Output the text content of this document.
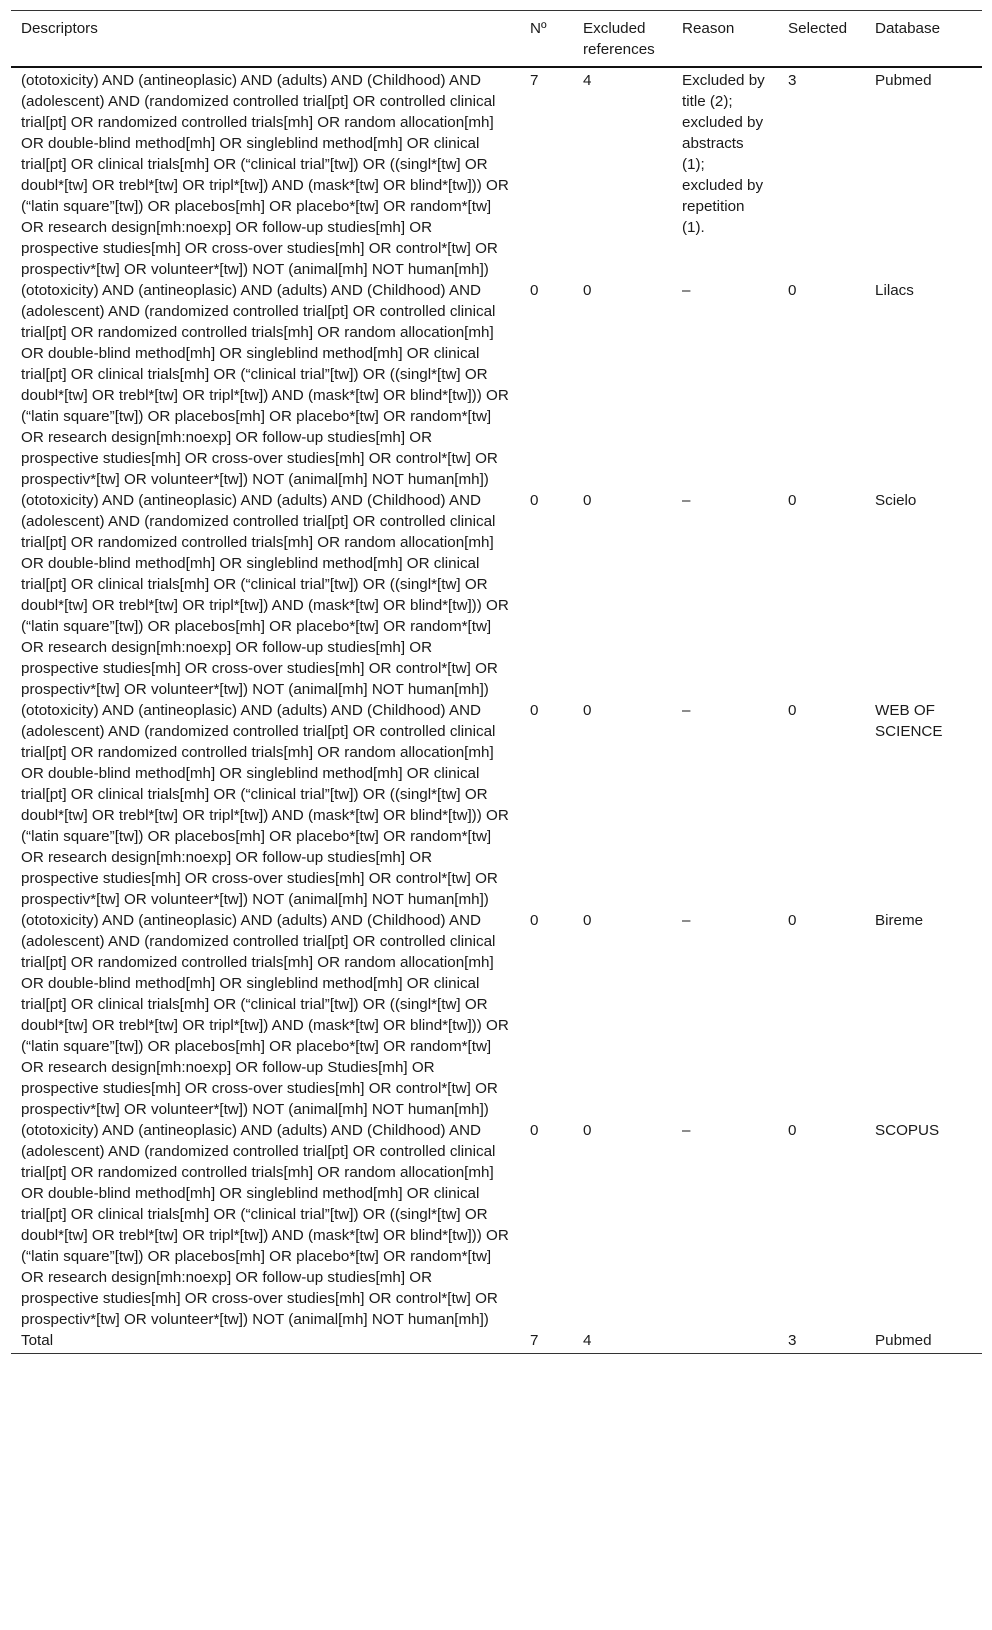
Descriptors	Nº	Excluded references	Reason	Selected	Database
(ototoxicity) AND (antineoplasic) AND (adults) AND (Childhood) AND (adolescent) AND (randomized controlled trial[pt] OR controlled clinical trial[pt] OR randomized controlled trials[mh] OR random allocation[mh] OR double-blind method[mh] OR singleblind method[mh] OR clinical trial[pt] OR clinical trials[mh] OR (“clinical trial”[tw]) OR ((singl*[tw] OR doubl*[tw] OR trebl*[tw] OR tripl*[tw]) AND (mask*[tw] OR blind*[tw])) OR (“latin square”[tw]) OR placebos[mh] OR placebo*[tw] OR random*[tw] OR research design[mh:noexp] OR follow-up studies[mh] OR prospective studies[mh] OR cross-over studies[mh] OR control*[tw] OR prospectiv*[tw] OR volunteer*[tw]) NOT (animal[mh] NOT human[mh])	7	4	Excluded by title (2); excluded by abstracts (1); excluded by repetition (1).	3	Pubmed
(ototoxicity) AND (antineoplasic) AND (adults) AND (Childhood) AND (adolescent) AND (randomized controlled trial[pt] OR controlled clinical trial[pt] OR randomized controlled trials[mh] OR random allocation[mh] OR double-blind method[mh] OR singleblind method[mh] OR clinical trial[pt] OR clinical trials[mh] OR (“clinical trial”[tw]) OR ((singl*[tw] OR doubl*[tw] OR trebl*[tw] OR tripl*[tw]) AND (mask*[tw] OR blind*[tw])) OR (“latin square”[tw]) OR placebos[mh] OR placebo*[tw] OR random*[tw] OR research design[mh:noexp] OR follow-up studies[mh] OR prospective studies[mh] OR cross-over studies[mh] OR control*[tw] OR prospectiv*[tw] OR volunteer*[tw]) NOT (animal[mh] NOT human[mh])	0	0	–	0	Lilacs
(ototoxicity) AND (antineoplasic) AND (adults) AND (Childhood) AND (adolescent) AND (randomized controlled trial[pt] OR controlled clinical trial[pt] OR randomized controlled trials[mh] OR random allocation[mh] OR double-blind method[mh] OR singleblind method[mh] OR clinical trial[pt] OR clinical trials[mh] OR (“clinical trial”[tw]) OR ((singl*[tw] OR doubl*[tw] OR trebl*[tw] OR tripl*[tw]) AND (mask*[tw] OR blind*[tw])) OR (“latin square”[tw]) OR placebos[mh] OR placebo*[tw] OR random*[tw] OR research design[mh:noexp] OR follow-up studies[mh] OR prospective studies[mh] OR cross-over studies[mh] OR control*[tw] OR prospectiv*[tw] OR volunteer*[tw]) NOT (animal[mh] NOT human[mh])	0	0	–	0	Scielo
(ototoxicity) AND (antineoplasic) AND (adults) AND (Childhood) AND (adolescent) AND (randomized controlled trial[pt] OR controlled clinical trial[pt] OR randomized controlled trials[mh] OR random allocation[mh] OR double-blind method[mh] OR singleblind method[mh] OR clinical trial[pt] OR clinical trials[mh] OR (“clinical trial”[tw]) OR ((singl*[tw] OR doubl*[tw] OR trebl*[tw] OR tripl*[tw]) AND (mask*[tw] OR blind*[tw])) OR (“latin square”[tw]) OR placebos[mh] OR placebo*[tw] OR random*[tw] OR research design[mh:noexp] OR follow-up studies[mh] OR prospective studies[mh] OR cross-over studies[mh] OR control*[tw] OR prospectiv*[tw] OR volunteer*[tw]) NOT (animal[mh] NOT human[mh])	0	0	–	0	WEB OF SCIENCE
(ototoxicity) AND (antineoplasic) AND (adults) AND (Childhood) AND (adolescent) AND (randomized controlled trial[pt] OR controlled clinical trial[pt] OR randomized controlled trials[mh] OR random allocation[mh] OR double-blind method[mh] OR singleblind method[mh] OR clinical trial[pt] OR clinical trials[mh] OR (“clinical trial”[tw]) OR ((singl*[tw] OR doubl*[tw] OR trebl*[tw] OR tripl*[tw]) AND (mask*[tw] OR blind*[tw])) OR (“latin square”[tw]) OR placebos[mh] OR placebo*[tw] OR random*[tw] OR research design[mh:noexp] OR follow-up Studies[mh] OR prospective studies[mh] OR cross-over studies[mh] OR control*[tw] OR prospectiv*[tw] OR volunteer*[tw]) NOT (animal[mh] NOT human[mh])	0	0	–	0	Bireme
(ototoxicity) AND (antineoplasic) AND (adults) AND (Childhood) AND (adolescent) AND (randomized controlled trial[pt] OR controlled clinical trial[pt] OR randomized controlled trials[mh] OR random allocation[mh] OR double-blind method[mh] OR singleblind method[mh] OR clinical trial[pt] OR clinical trials[mh] OR (“clinical trial”[tw]) OR ((singl*[tw] OR doubl*[tw] OR trebl*[tw] OR tripl*[tw]) AND (mask*[tw] OR blind*[tw])) OR (“latin square”[tw]) OR placebos[mh] OR placebo*[tw] OR random*[tw] OR research design[mh:noexp] OR follow-up studies[mh] OR prospective studies[mh] OR cross-over studies[mh] OR control*[tw] OR prospectiv*[tw] OR volunteer*[tw]) NOT (animal[mh] NOT human[mh])	0	0	–	0	SCOPUS
Total	7	4		3	Pubmed
